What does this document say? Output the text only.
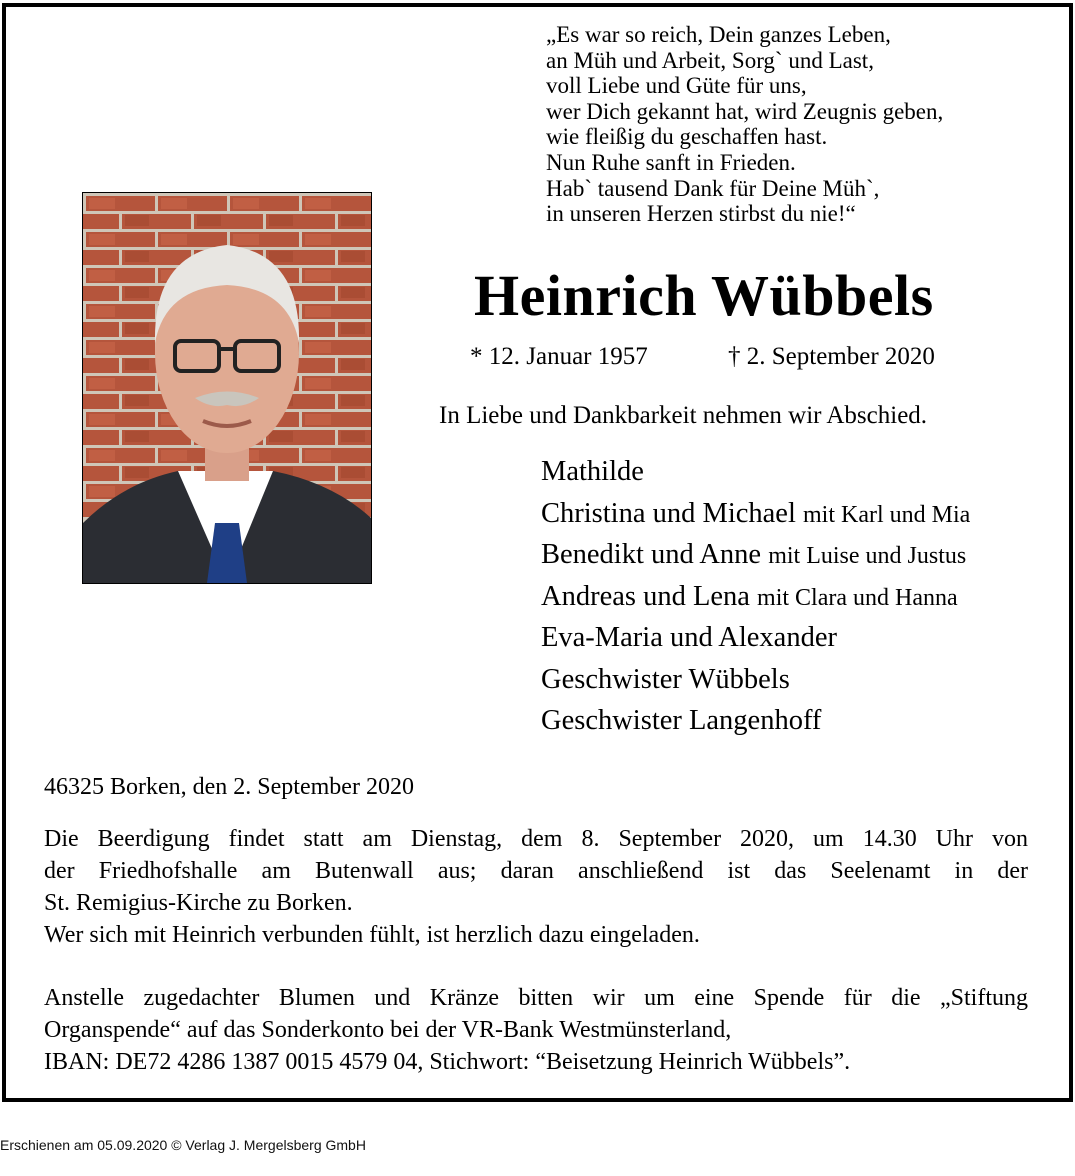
„Es war so reich, Dein ganzes Leben,
an Müh und Arbeit, Sorg` und Last,
voll Liebe und Güte für uns,
wer Dich gekannt hat, wird Zeugnis geben,
wie fleißig du geschaffen hast.
Nun Ruhe sanft in Frieden.
Hab` tausend Dank für Deine Müh`,
in unseren Herzen stirbst du nie!“
Heinrich Wübbels
* 12. Januar 1957	† 2. September 2020
In Liebe und Dankbarkeit nehmen wir Abschied.
Mathilde
Christina und Michael mit Karl und Mia
Benedikt und Anne mit Luise und Justus
Andreas und Lena mit Clara und Hanna
Eva-Maria und Alexander
Geschwister Wübbels
Geschwister Langenhoff
46325 Borken, den 2. September 2020
Die Beerdigung findet statt am Dienstag, dem 8. September 2020, um 14.30 Uhr von
der Friedhofshalle am Butenwall aus; daran anschließend ist das Seelenamt in der
St. Remigius-Kirche zu Borken.
Wer sich mit Heinrich verbunden fühlt, ist herzlich dazu eingeladen.
Anstelle zugedachter Blumen und Kränze bitten wir um eine Spende für die „Stiftung
Organspende“ auf das Sonderkonto bei der VR-Bank Westmünsterland,
IBAN: DE72 4286 1387 0015 4579 04, Stichwort: “Beisetzung Heinrich Wübbels”.
Erschienen am 05.09.2020 © Verlag J. Mergelsberg GmbH
